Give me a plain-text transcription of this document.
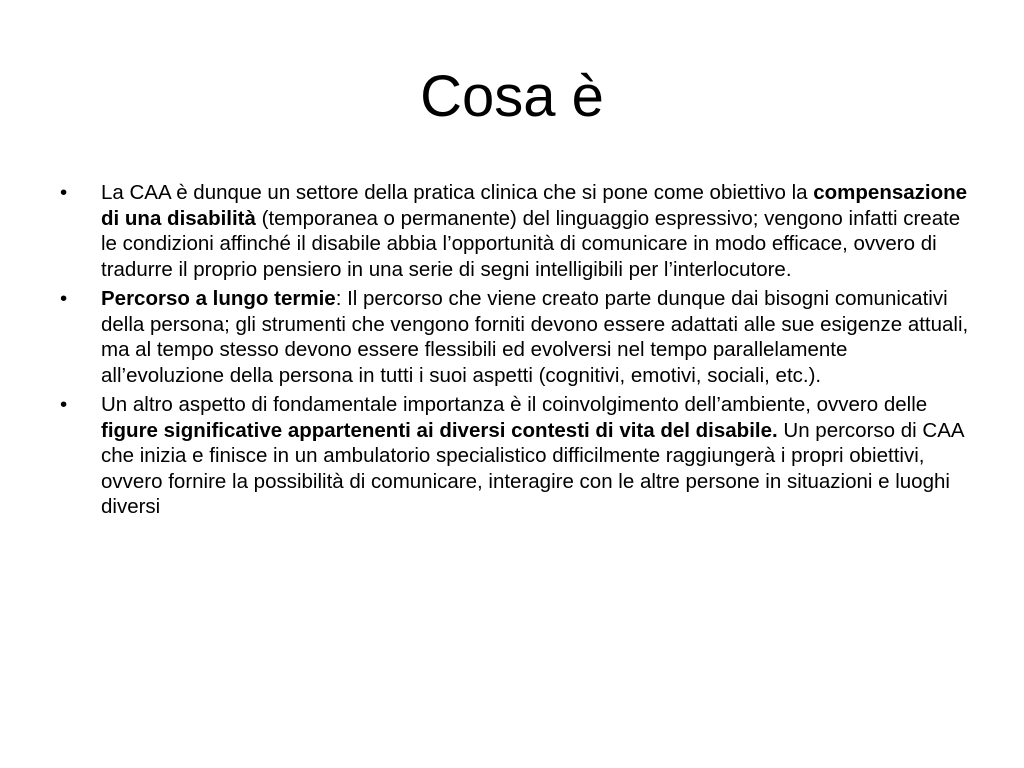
Cosa è
•	La CAA è dunque un settore della pratica clinica che si pone come obiettivo la compensazione di una disabilità (temporanea o permanente) del linguaggio espressivo; vengono infatti create le condizioni affinché il disabile abbia l’opportunità di comunicare in modo efficace, ovvero di tradurre il proprio pensiero in una serie di segni intelligibili per l’interlocutore.
•	Percorso a lungo termie: Il percorso che viene creato parte dunque dai bisogni comunicativi della persona; gli strumenti che vengono forniti devono essere adattati alle sue esigenze attuali, ma al tempo stesso devono essere flessibili ed evolversi nel tempo parallelamente all’evoluzione della persona in tutti i suoi aspetti (cognitivi, emotivi, sociali, etc.).
•	Un altro aspetto di fondamentale importanza è il coinvolgimento dell’ambiente, ovvero delle figure significative appartenenti ai diversi contesti di vita del disabile. Un percorso di CAA che inizia e finisce in un ambulatorio specialistico difficilmente raggiungerà i propri obiettivi, ovvero fornire la possibilità di comunicare, interagire con le altre persone in situazioni e luoghi diversi
